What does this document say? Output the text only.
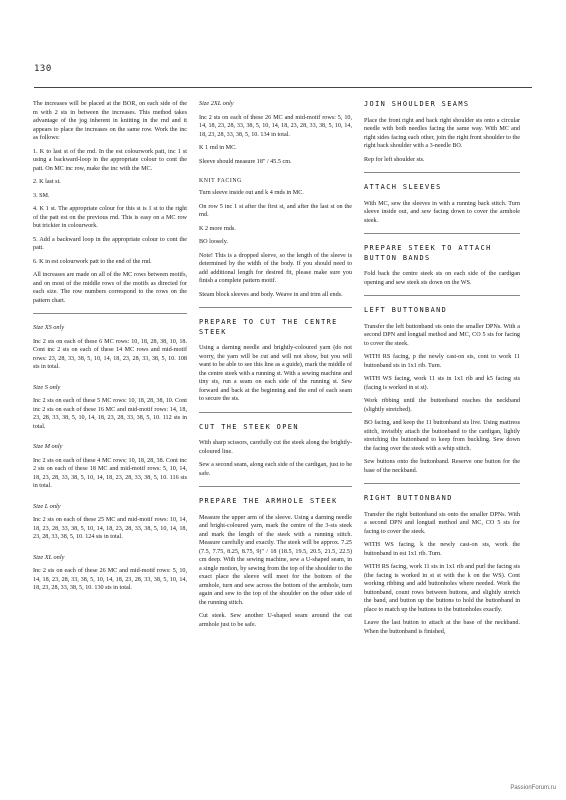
130

The increases will be placed at the BOR, on each side of the m with 2 sts in between the increases. This method takes advantage of the jog inherent in knitting in the rnd and it appears to place the increases on the same row. Work the inc as follows:

1. K to last st of the rnd. In the est colourwork patt, inc 1 st using a backward-loop in the appropriate colour to cont the patt. On MC inc row, make the inc with the MC.

2. K last st.

3. SM.

4. K 1 st. The appropriate colour for this st is 1 st to the right of the patt est on the previous rnd. This is easy on a MC row but trickier in colourwork.

5. Add a backward loop in the appropriate colour to cont the patt.

6. K in est colourwork patt to the end of the rnd.

All increases are made on all of the MC rows between motifs, and on most of the middle rows of the motifs as directed for each size. The row numbers correspond to the rows on the pattern chart.

Size XS only

Inc 2 sts on each of these 6 MC rows: 10, 18, 28, 38, 10, 18. Cont inc 2 sts on each of these 14 MC rows and mid-motif rows: 23, 28, 33, 38, 5, 10, 14, 18, 23, 28, 33, 38, 5, 10. 108 sts in total.

Size S only

Inc 2 sts on each of these 5 MC rows: 10, 18, 28, 38, 10. Cont inc 2 sts on each of these 16 MC and mid-motif rows: 14, 18, 23, 28, 33, 38, 5, 10, 14, 18, 23, 28, 33, 38, 5, 10. 112 sts in total.

Size M only

Inc 2 sts on each of these 4 MC rows: 10, 18, 28, 38. Cont inc 2 sts on each of these 18 MC and mid-motif rows: 5, 10, 14, 18, 23, 28, 33, 38, 5, 10, 14, 18, 23, 28, 33, 38, 5, 10. 116 sts in total.

Size L only

Inc 2 sts on each of these 25 MC and mid-motif rows: 10, 14, 18, 23, 28, 33, 38, 5, 10, 14, 18, 23, 28, 33, 38, 5, 10, 14, 18, 23, 28, 33, 38, 5, 10. 124 sts in total.

Size XL only

Inc 2 sts on each of these 26 MC and mid-motif rows: 5, 10, 14, 18, 23, 28, 33, 38, 5, 10, 14, 18, 23, 28, 33, 38, 5, 10, 14, 18, 23, 28, 33, 38, 5, 10. 130 sts in total.

Size 2XL only

Inc 2 sts on each of these 26 MC and mid-motif rows: 5, 10, 14, 18, 23, 28, 33, 38, 5, 10, 14, 18, 23, 28, 33, 38, 5, 10, 14, 18, 23, 28, 33, 38, 5, 10. 134 in total.

K 1 rnd in MC.

Sleeve should measure 18" / 45.5 cm.

KNIT FACING

Turn sleeve inside out and k 4 rnds in MC.

On row 5 inc 1 st after the first st, and after the last st on the rnd.

K 2 more rnds.

BO loosely.

Note! This is a dropped sleeve, so the length of the sleeve is determined by the width of the body. If you should need to add additional length for desired fit, please make sure you finish a complete pattern motif.

Steam block sleeves and body. Weave in and trim all ends.

PREPARE TO CUT THE CENTRE STEEK

Using a darning needle and brightly-coloured yarn (do not worry, the yarn will be cut and will not show, but you will want to be able to see this line as a guide), mark the middle of the centre steek with a running st. With a sewing machine and tiny sts, run a seam on each side of the running st. Sew forward and back at the beginning and the end of each seam to secure the sts.

CUT THE STEEK OPEN

With sharp scissors, carefully cut the steek along the brightly-coloured line.

Sew a second seam, along each side of the cardigan, just to be safe.

PREPARE THE ARMHOLE STEEK

Measure the upper arm of the sleeve. Using a darning needle and bright-coloured yarn, mark the centre of the 3-sts steek and mark the length of the steek with a running stitch. Measure carefully and exactly. The steek will be approx. 7.25 (7.5, 7.75, 8.25, 8.75, 9)" / 18 (18.5, 19.5, 20.5, 21.5, 22.5) cm deep. With the sewing machine, sew a U-shaped seam, in a single motion, by sewing from the top of the shoulder to the exact place the sleeve will meet for the bottom of the armhole, turn and sew across the bottom of the armhole, turn again and sew to the top of the shoulder on the other side of the running stitch.

Cut steek. Sew another U-shaped seam around the cut armhole just to be safe.

JOIN SHOULDER SEAMS

Place the front right and back right shoulder sts onto a circular needle with both needles facing the same way. With MC and right sides facing each other, join the right front shoulder to the right back shoulder with a 3-needle BO.

Rep for left shoulder sts.

ATTACH SLEEVES

With MC, sew the sleeves in with a running back stitch. Turn sleeve inside out, and sew facing down to cover the armhole steek.

PREPARE STEEK TO ATTACH BUTTON BANDS

Fold back the centre steek sts on each side of the cardigan opening and sew steek sts down on the WS.

LEFT BUTTONBAND

Transfer the left buttonband sts onto the smaller DPNs. With a second DPN and longtail method and MC, CO 5 sts for facing to cover the steek.

WITH RS facing, p the newly cast-on sts, cont to work 11 buttonband sts in 1x1 rib. Turn.

WITH WS facing, work 11 sts in 1x1 rib and k5 facing sts (facing is worked in st st).

Work ribbing until the buttonband reaches the neckband (slightly stretched).

BO facing, and keep the 11 buttonband sts live. Using mattress stitch, invisibly attach the buttonband to the cardigan, lightly stretching the buttonband to keep from buckling. Sew down the facing over the steek with a whip stitch.

Sew buttons onto the buttonband. Reserve one button for the base of the neckband.

RIGHT BUTTONBAND

Transfer the right buttonband sts onto the smaller DPNs. With a second DPN and longtail method and MC, CO 5 sts for facing to cover the steek.

WITH WS facing, k the newly cast-on sts, work the buttonband in est 1x1 rib. Turn.

WITH RS facing, work 11 sts in 1x1 rib and purl the facing sts (the facing is worked in st st with the k on the WS). Cont working ribbing and add buttonholes where needed. Work the buttonband, count rows between buttons, and slightly stretch the band, and button up the buttons to hold the buttonband in place to match up the buttons to the buttonholes exactly.

Leave the last button to attach at the base of the neckband. When the buttonband is finished,

PassionForum.ru
